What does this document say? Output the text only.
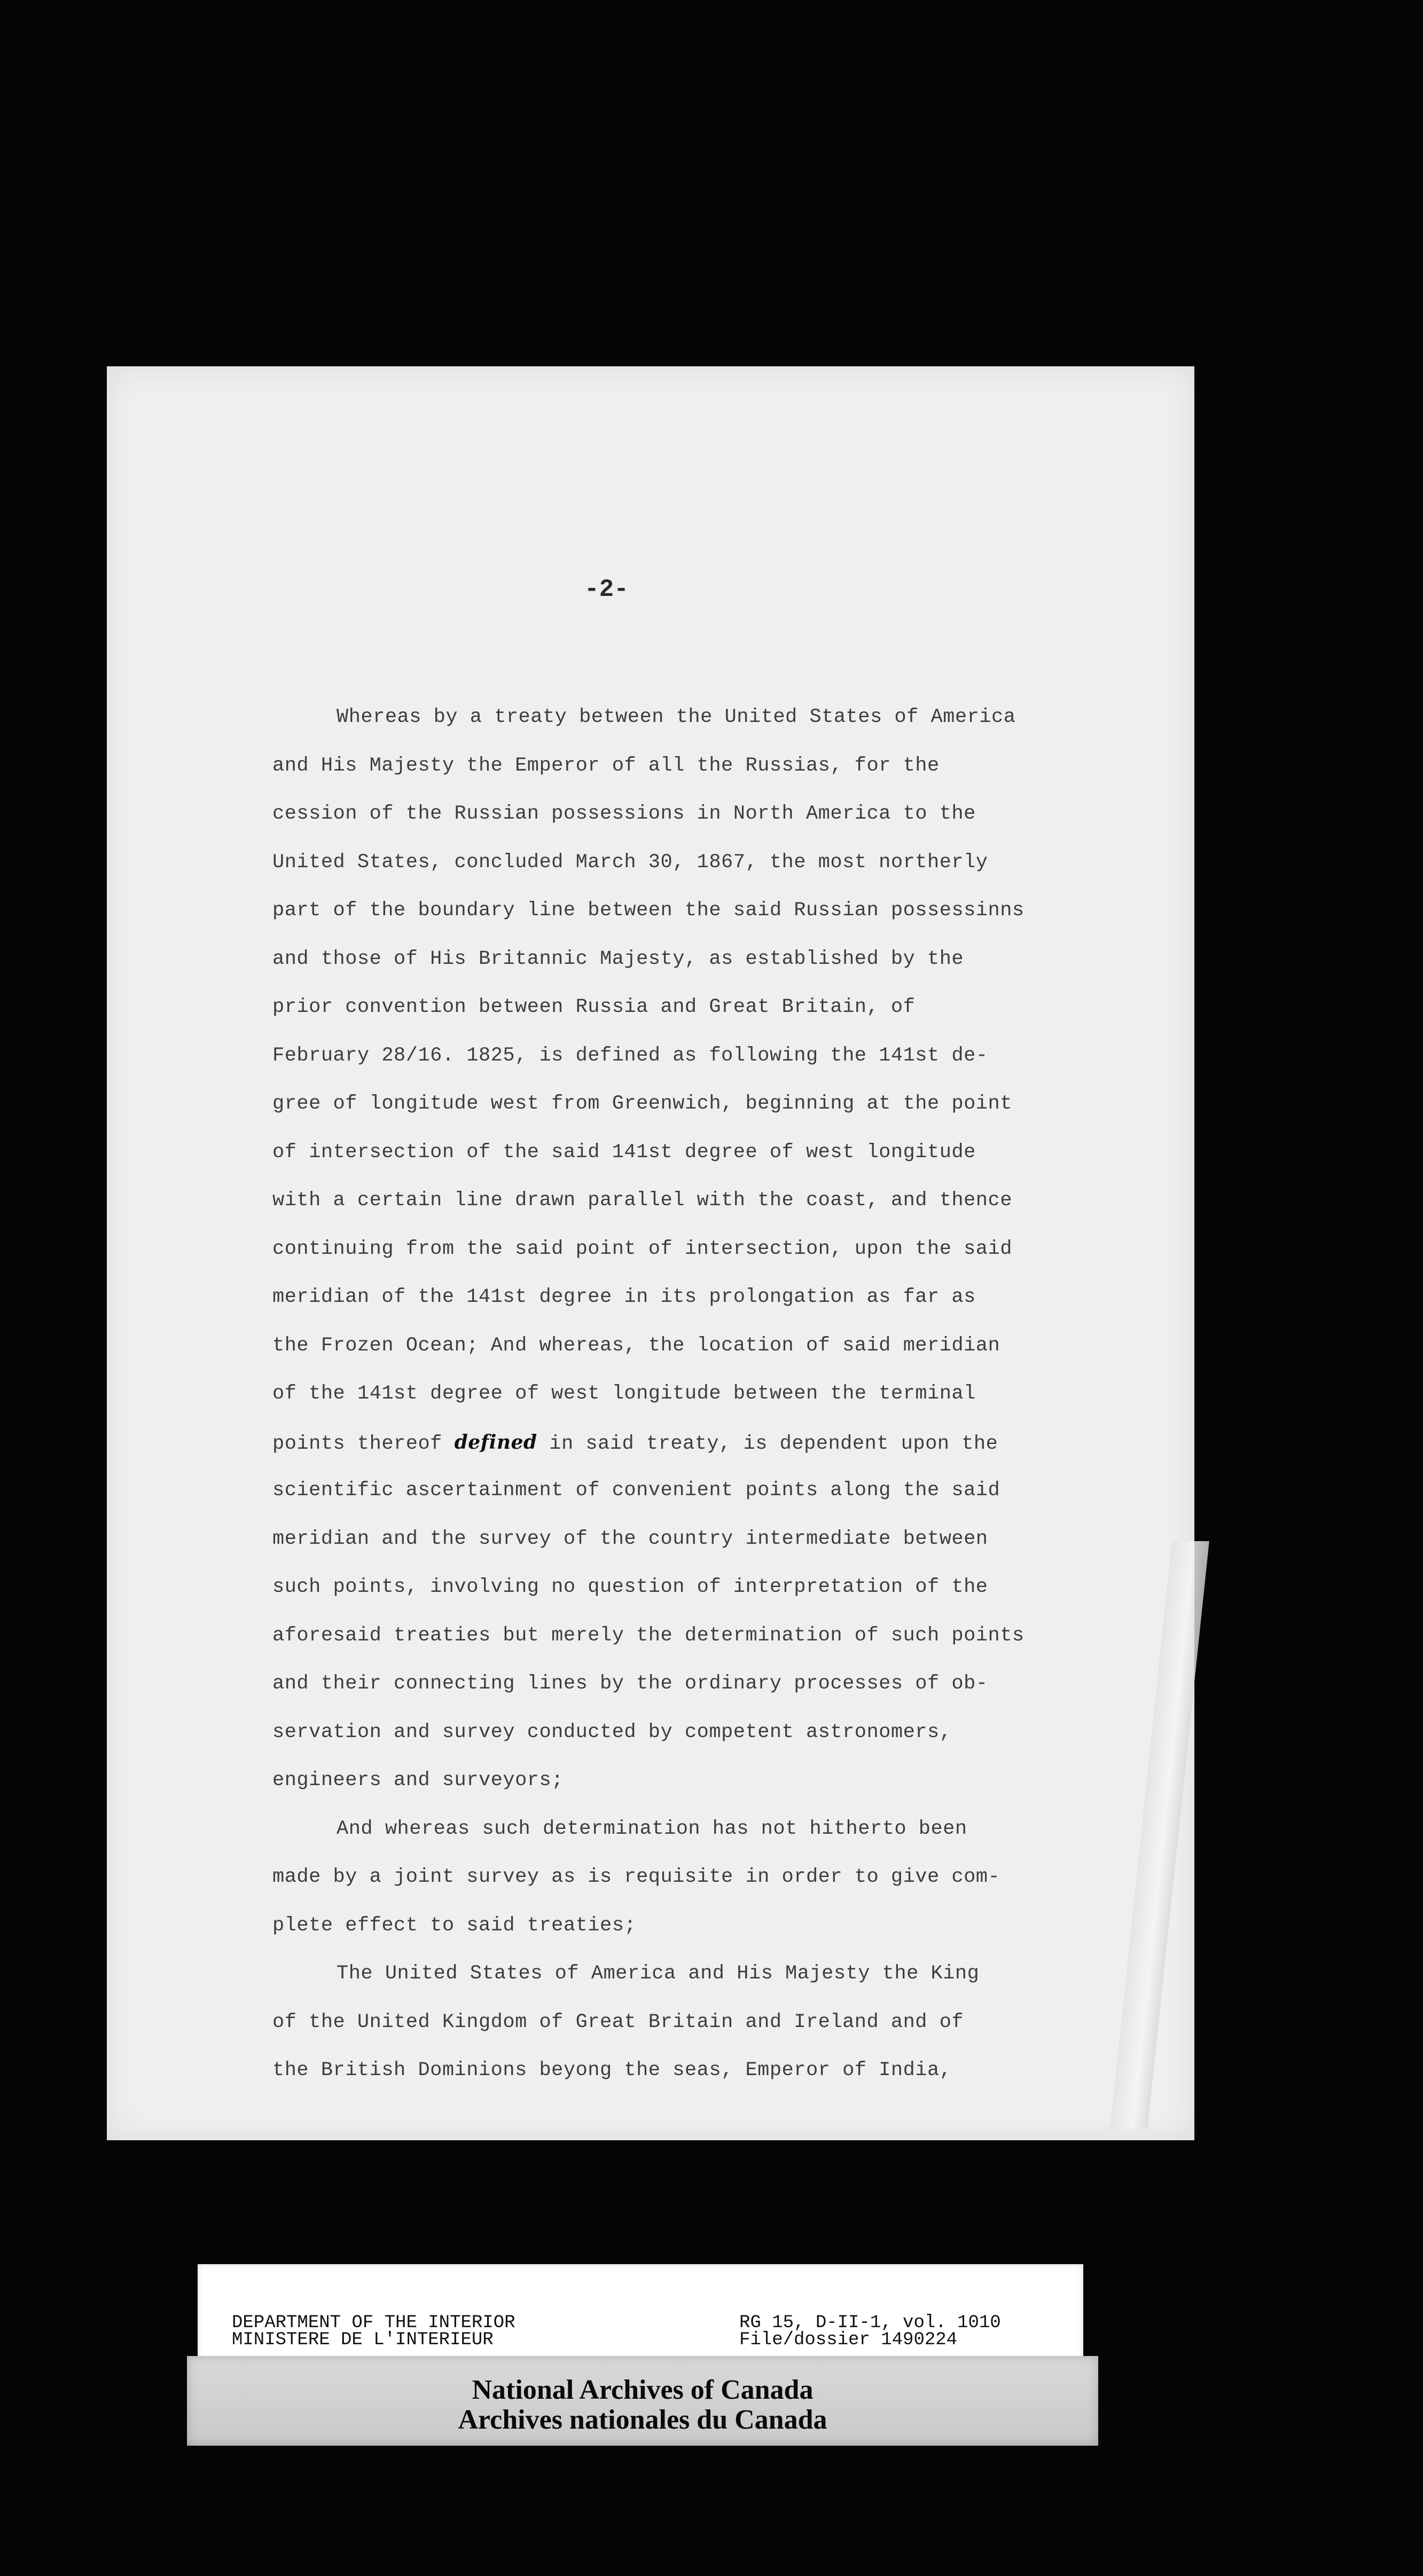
-2-
Whereas by a treaty between the United States of America
and His Majesty the Emperor of all the Russias, for the
cession of the Russian possessions in North America to the
United States, concluded March 30, 1867, the most northerly
part of the boundary line between the said Russian possessinns
and those of His Britannic Majesty, as established by the
prior convention between Russia and Great Britain, of
February 28/16. 1825, is defined as following the 141st de-
gree of longitude west from Greenwich, beginning at the point
of intersection of the said 141st degree of west longitude
with a certain line drawn parallel with the coast, and thence
continuing from the said point of intersection, upon the said
meridian of the 141st degree in its prolongation as far as
the Frozen Ocean; And whereas, the location of said meridian
of the 141st degree of west longitude between the terminal
points thereof defined in said treaty, is dependent upon the
scientific ascertainment of convenient points along the said
meridian and the survey of the country intermediate between
such points, involving no question of interpretation of the
aforesaid treaties but merely the determination of such points
and their connecting lines by the ordinary processes of ob-
servation and survey conducted by competent astronomers,
engineers and surveyors;
And whereas such determination has not hitherto been
made by a joint survey as is requisite in order to give com-
plete effect to said treaties;
The United States of America and His Majesty the King
of the United Kingdom of Great Britain and Ireland and of
the British Dominions beyong the seas, Emperor of India,
DEPARTMENT OF THE INTERIOR
MINISTERE DE L'INTERIEUR
RG 15, D-II-1, vol. 1010
File/dossier 1490224
National Archives of Canada
Archives nationales du Canada
